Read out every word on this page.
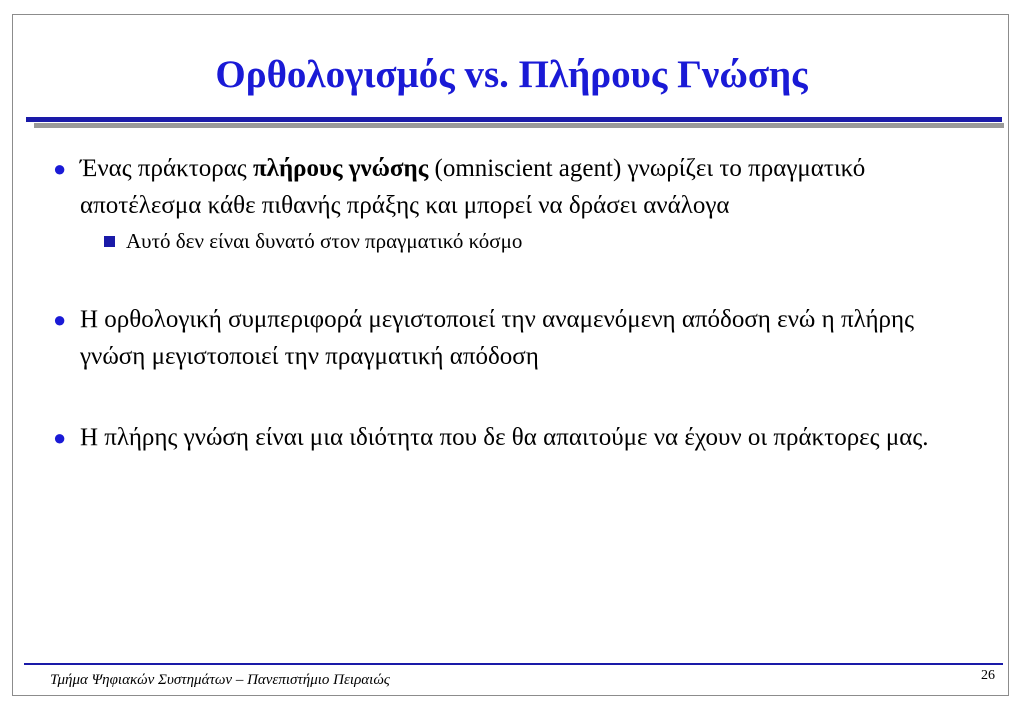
Ορθολογισμός vs. Πλήρους Γνώσης
● Ένας πράκτορας πλήρους γνώσης (omniscient agent) γνωρίζει το πραγματικό αποτέλεσμα κάθε πιθανής πράξης και μπορεί να δράσει ανάλογα
Αυτό δεν είναι δυνατό στον πραγματικό κόσμο
● Η ορθολογική συμπεριφορά μεγιστοποιεί την αναμενόμενη απόδοση ενώ η πλήρης γνώση μεγιστοποιεί την πραγματική απόδοση
● Η πλήρης γνώση είναι μια ιδιότητα που δε θα απαιτούμε να έχουν οι πράκτορες μας.
Τμήμα Ψηφιακών Συστημάτων – Πανεπιστήμιο Πειραιώς	26
